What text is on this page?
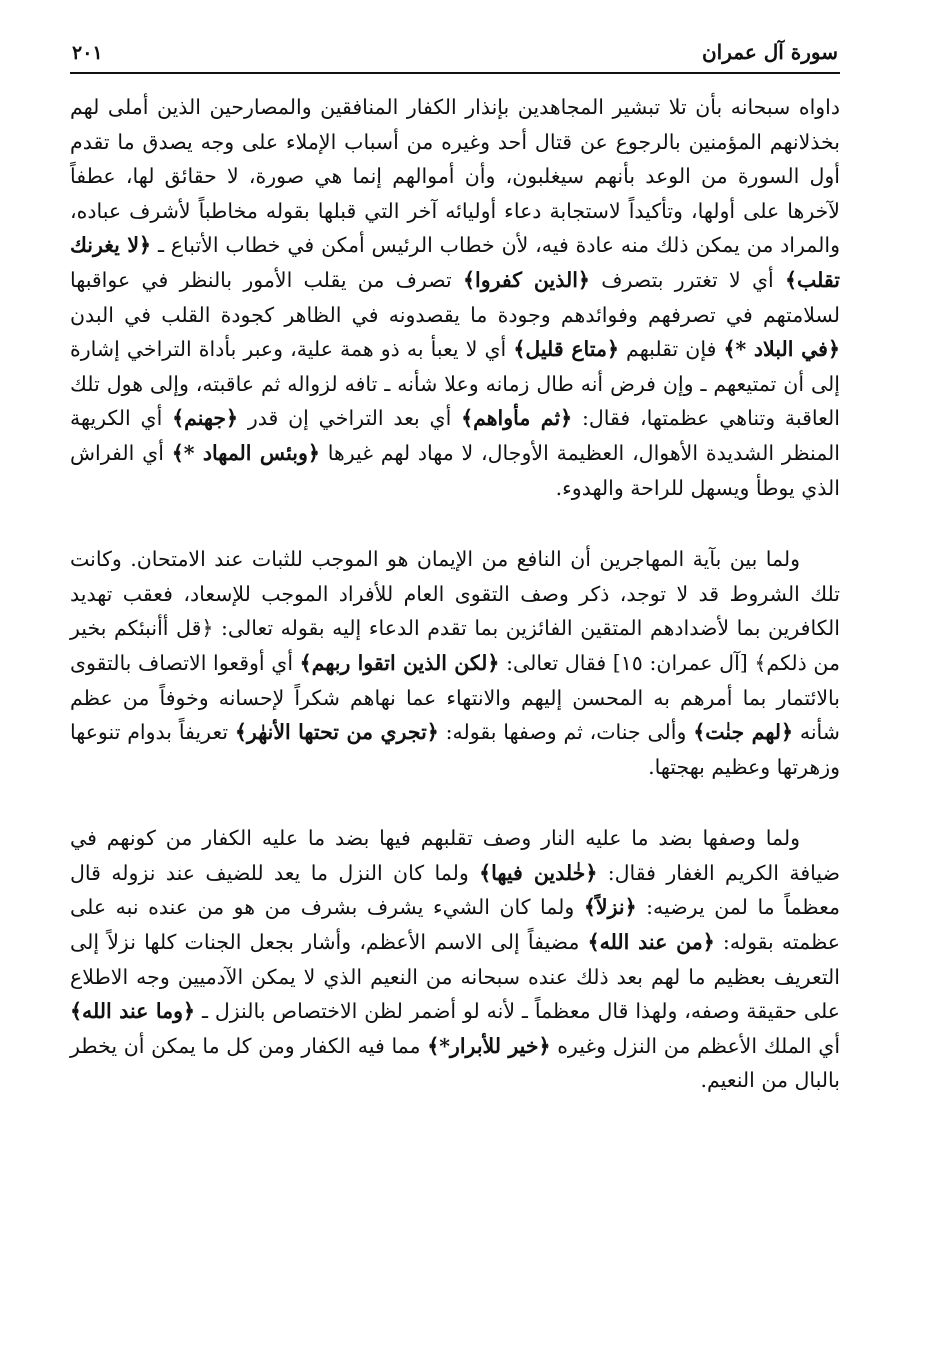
سورة آل عمران
٢٠١

داواه سبحانه بأن تلا تبشير المجاهدين بإنذار الكفار المنافقين والمصارحين الذين أملى لهم بخذلانهم المؤمنين بالرجوع عن قتال أحد وغيره من أسباب الإملاء على وجه يصدق ما تقدم أول السورة من الوعد بأنهم سيغلبون، وأن أموالهم إنما هي صورة، لا حقائق لها، عطفاً لآخرها على أولها، وتأكيداً لاستجابة دعاء أوليائه آخر التي قبلها بقوله مخاطباً لأشرف عباده، والمراد من يمكن ذلك منه عادة فيه، لأن خطاب الرئيس أمكن في خطاب الأتباع ـ ﴿لا يغرنك تقلب﴾ أي لا تغترر بتصرف ﴿الذين كفروا﴾ تصرف من يقلب الأمور بالنظر في عواقبها لسلامتهم في تصرفهم وفوائدهم وجودة ما يقصدونه في الظاهر كجودة القلب في البدن ﴿في البلاد *﴾ فإن تقلبهم ﴿متاع قليل﴾ أي لا يعبأ به ذو همة علية، وعبر بأداة التراخي إشارة إلى أن تمتيعهم ـ وإن فرض أنه طال زمانه وعلا شأنه ـ تافه لزواله ثم عاقبته، وإلى هول تلك العاقبة وتناهي عظمتها، فقال: ﴿ثم مأواهم﴾ أي بعد التراخي إن قدر ﴿جهنم﴾ أي الكريهة المنظر الشديدة الأهوال، العظيمة الأوجال، لا مهاد لهم غيرها ﴿وبئس المهاد *﴾ أي الفراش الذي يوطأ ويسهل للراحة والهدوء.

ولما بين بآية المهاجرين أن النافع من الإيمان هو الموجب للثبات عند الامتحان. وكانت تلك الشروط قد لا توجد، ذكر وصف التقوى العام للأفراد الموجب للإسعاد، فعقب تهديد الكافرين بما لأضدادهم المتقين الفائزين بما تقدم الدعاء إليه بقوله تعالى: ﴿قل أأنبئكم بخير من ذلكم﴾ [آل عمران: ١٥] فقال تعالى: ﴿لكن الذين اتقوا ربهم﴾ أي أوقعوا الاتصاف بالتقوى بالائتمار بما أمرهم به المحسن إليهم والانتهاء عما نهاهم شكراً لإحسانه وخوفاً من عظم شأنه ﴿لهم جنٰت﴾ وألى جنات، ثم وصفها بقوله: ﴿تجري من تحتها الأنهٰر﴾ تعريفاً بدوام تنوعها وزهرتها وعظيم بهجتها.

ولما وصفها بضد ما عليه النار وصف تقلبهم فيها بضد ما عليه الكفار من كونهم في ضيافة الكريم الغفار فقال: ﴿خٰلدين فيها﴾ ولما كان النزل ما يعد للضيف عند نزوله قال معظماً ما لمن يرضيه: ﴿نزلاً﴾ ولما كان الشيء يشرف بشرف من هو من عنده نبه على عظمته بقوله: ﴿من عند الله﴾ مضيفاً إلى الاسم الأعظم، وأشار بجعل الجنات كلها نزلاً إلى التعريف بعظيم ما لهم بعد ذلك عنده سبحانه من النعيم الذي لا يمكن الآدميين وجه الاطلاع على حقيقة وصفه، ولهذا قال معظماً ـ لأنه لو أضمر لظن الاختصاص بالنزل ـ ﴿وما عند الله﴾ أي الملك الأعظم من النزل وغيره ﴿خير للأبرار*﴾ مما فيه الكفار ومن كل ما يمكن أن يخطر بالبال من النعيم.
